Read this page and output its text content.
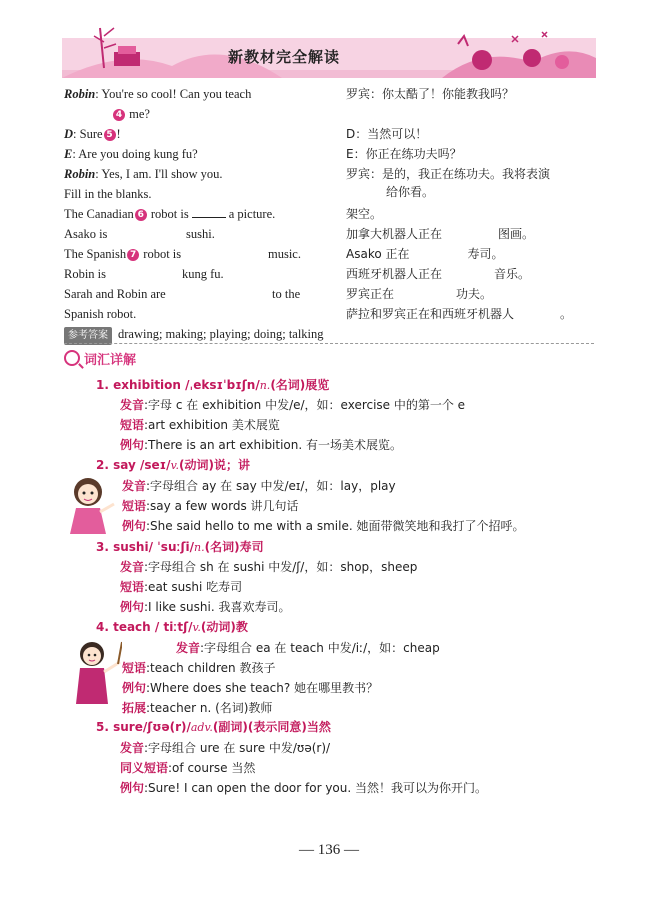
新教材完全解读
Robin: You're so cool! Can you teach	罗宾：你太酷了！你能教我吗？
4 me?
D: Sure 5 !	D：当然可以！
E: Are you doing kung fu?	E：你正在练功夫吗？
Robin: Yes, I am. I'll show you.	罗宾：是的，我正在练功夫。我将表演
给你看。
Fill in the blanks.
The Canadian 6 robot is	a picture.	架空。
Asako is	sushi.	加拿大机器人正在	图画。
The Spanish 7 robot is	music.	Asako 正在	寿司。
Robin is	kung fu.	西班牙机器人正在	音乐。
Sarah and Robin are	to the	罗宾正在	功夫。
Spanish robot.	萨拉和罗宾正在和西班牙机器人	。
参考答案 drawing; making; playing; doing; talking
词汇详解
1. exhibition /ˌeksɪˈbɪʃn/n.(名词)展览
发音:字母 c 在 exhibition 中发/e/，如：exercise 中的第一个 e
短语:art exhibition 美术展览
例句:There is an art exhibition. 有一场美术展览。
2. say /seɪ/v.(动词)说；讲
发音:字母组合 ay 在 say 中发/eɪ/，如：lay，play
短语:say a few words 讲几句话
例句:She said hello to me with a smile. 她面带微笑地和我打了个招呼。
3. sushi/ ˈsuːʃi/n.(名词)寿司
发音:字母组合 sh 在 sushi 中发/ʃ/，如：shop，sheep
短语:eat sushi 吃寿司
例句:I like sushi. 我喜欢寿司。
4. teach / tiːtʃ/v.(动词)教
发音:字母组合 ea 在 teach 中发/iː/，如：cheap
短语:teach children 教孩子
例句:Where does she teach? 她在哪里教书？
拓展:teacher n. (名词)教师
5. sure/ʃʊə(r)/adv.(副词)(表示同意)当然
发音:字母组合 ure 在 sure 中发/ʊə(r)/
同义短语:of course 当然
例句:Sure! I can open the door for you. 当然！我可以为你开门。
— 136 —
